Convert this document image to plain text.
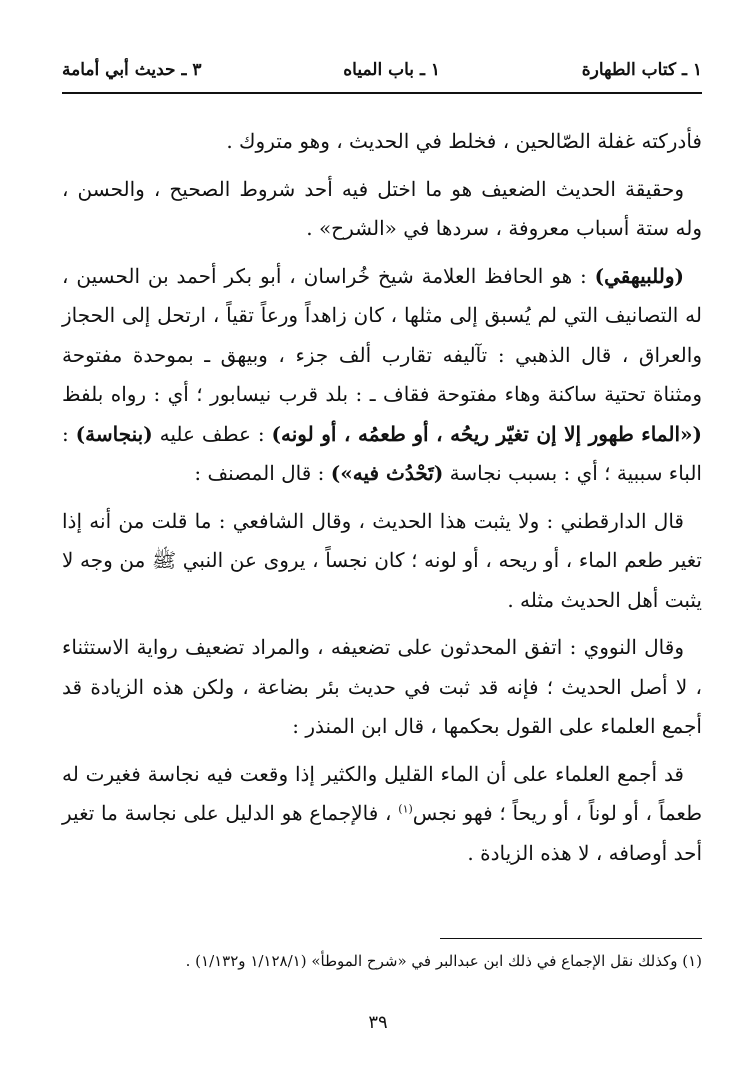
١ ـ كتاب الطهارة
١ ـ باب المياه
٣ ـ حديث أبي أمامة

فأدركته غفلة الصّالحين ، فخلط في الحديث ، وهو متروك .

وحقيقة الحديث الضعيف هو ما اختل فيه أحد شروط الصحيح ، والحسن ، وله ستة أسباب معروفة ، سردها في «الشرح» .

(وللبيهقي) : هو الحافظ العلامة شيخ خُراسان ، أبو بكر أحمد بن الحسين ، له التصانيف التي لم يُسبق إلى مثلها ، كان زاهداً ورعاً تقياً ، ارتحل إلى الحجاز والعراق ، قال الذهبي : تآليفه تقارب ألف جزء ، وبيهق ـ بموحدة مفتوحة ومثناة تحتية ساكنة وهاء مفتوحة فقاف ـ : بلد قرب نيسابور ؛ أي : رواه بلفظ («الماء طهور إلا إن تغيّر ريحُه ، أو طعمُه ، أو لونه) : عطف عليه (بنجاسة) : الباء سببية ؛ أي : بسبب نجاسة (تَحْدُث فيه») : قال المصنف :

قال الدارقطني : ولا يثبت هذا الحديث ، وقال الشافعي : ما قلت من أنه إذا تغير طعم الماء ، أو ريحه ، أو لونه ؛ كان نجساً ، يروى عن النبي ﷺ من وجه لا يثبت أهل الحديث مثله .

وقال النووي : اتفق المحدثون على تضعيفه ، والمراد تضعيف رواية الاستثناء ، لا أصل الحديث ؛ فإنه قد ثبت في حديث بئر بضاعة ، ولكن هذه الزيادة قد أجمع العلماء على القول بحكمها ، قال ابن المنذر :

قد أجمع العلماء على أن الماء القليل والكثير إذا وقعت فيه نجاسة فغيرت له طعماً ، أو لوناً ، أو ريحاً ؛ فهو نجس$^{(١)}$ ، فالإجماع هو الدليل على نجاسة ما تغير أحد أوصافه ، لا هذه الزيادة .

(١) وكذلك نقل الإجماع في ذلك ابن عبدالبر في «شرح الموطأ» (١/١٢٨/١ و١/١٣٢) .
٣٩
